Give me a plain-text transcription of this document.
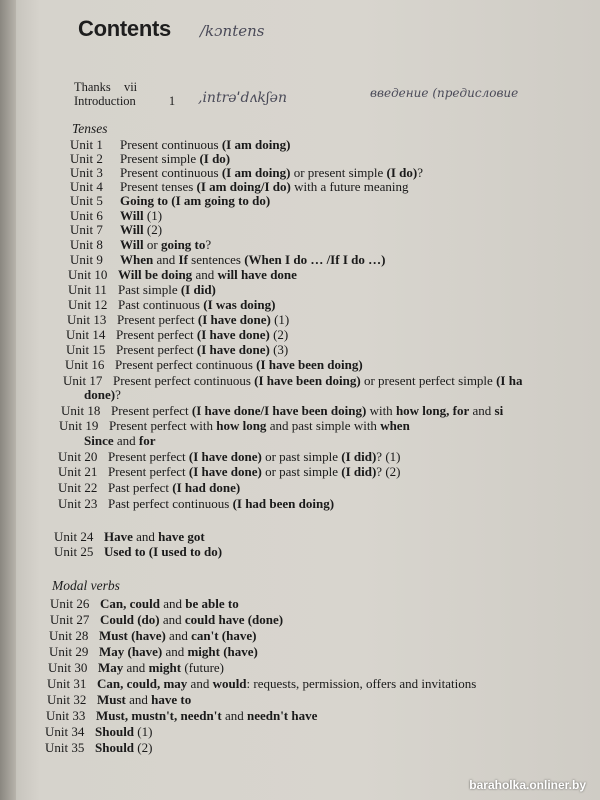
Contents /kɔntens
Thanks vii
Introduction	1 ,intrəˈdʌkʃən	введение (предисловие
Tenses
Modal verbs
Unit 1 Present continuous (I am doing)
Unit 2 Present simple (I do)
Unit 3 Present continuous (I am doing) or present simple (I do)?
Unit 4 Present tenses (I am doing/I do) with a future meaning
Unit 5 Going to (I am going to do)
Unit 6 Will (1)
Unit 7 Will (2)
Unit 8 Will or going to?
Unit 9 When and If sentences (When I do … /If I do …)
Unit 10 Will be doing and will have done
Unit 11 Past simple (I did)
Unit 12 Past continuous (I was doing)
Unit 13 Present perfect (I have done) (1)
Unit 14 Present perfect (I have done) (2)
Unit 15 Present perfect (I have done) (3)
Unit 16 Present perfect continuous (I have been doing)
Unit 17 Present perfect continuous (I have been doing) or present perfect simple (I ha
done)?
Unit 18 Present perfect (I have done/I have been doing) with how long, for and si
Unit 19 Present perfect with how long and past simple with when
Since and for
Unit 20 Present perfect (I have done) or past simple (I did)? (1)
Unit 21 Present perfect (I have done) or past simple (I did)? (2)
Unit 22 Past perfect (I had done)
Unit 23 Past perfect continuous (I had been doing)
Unit 24 Have and have got
Unit 25 Used to (I used to do)
Unit 26 Can, could and be able to
Unit 27 Could (do) and could have (done)
Unit 28 Must (have) and can't (have)
Unit 29 May (have) and might (have)
Unit 30 May and might (future)
Unit 31 Can, could, may and would: requests, permission, offers and invitations
Unit 32 Must and have to
Unit 33 Must, mustn't, needn't and needn't have
Unit 34 Should (1)
Unit 35 Should (2)
baraholka.onliner.by
